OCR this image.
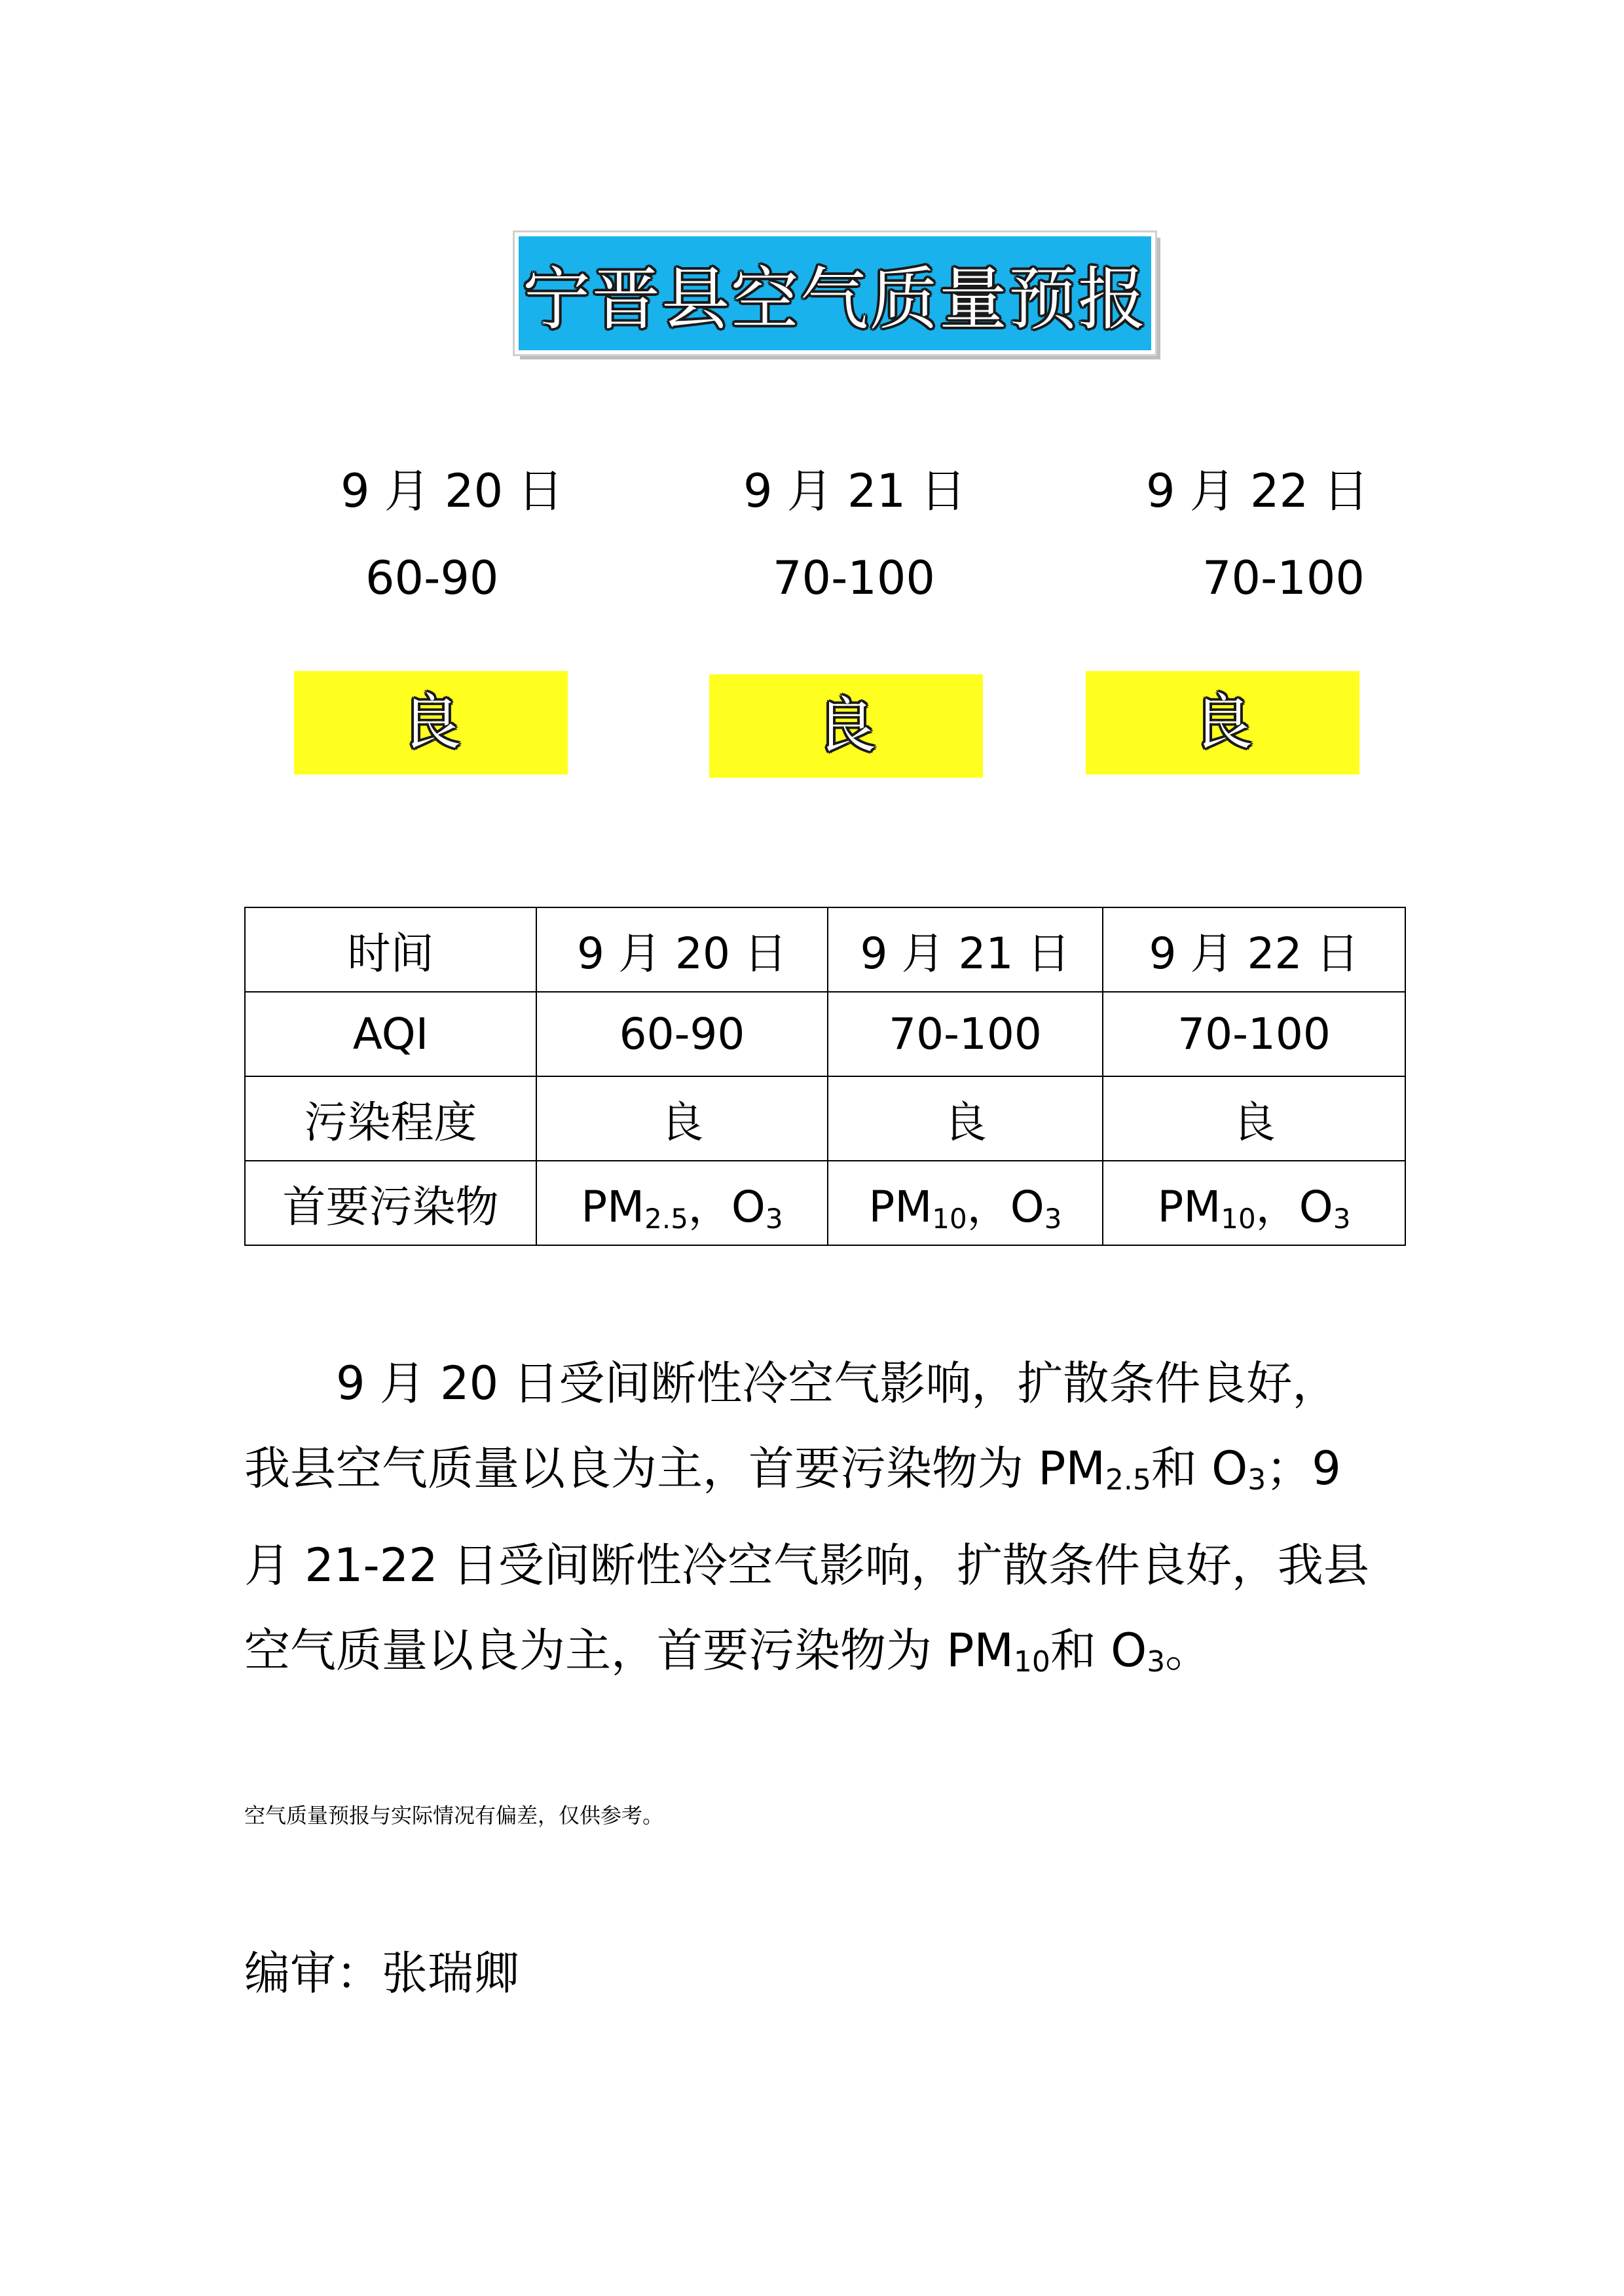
宁晋县空气质量预报
9 月 20 日	9 月 21 日	9 月 22 日
60-90	70-100	70-100
良	良	良
时间	9 月 20 日	9 月 21 日	9 月 22 日
AQI	60-90	70-100	70-100
污染程度	良	良	良
首要污染物	$PM_{2.5}$，$O_3$	$PM_{10}$，$O_3$	$PM_{10}$，$O_3$

9 月 20 日受间断性冷空气影响，扩散条件良好，我县空气质量以良为主，首要污染物为 $PM_{2.5}$和 $O_3$；9 月 21-22 日受间断性冷空气影响，扩散条件良好，我县空气质量以良为主，首要污染物为 $PM_{10}$和 $O_3$。

空气质量预报与实际情况有偏差，仅供参考。
编审：张瑞卿
